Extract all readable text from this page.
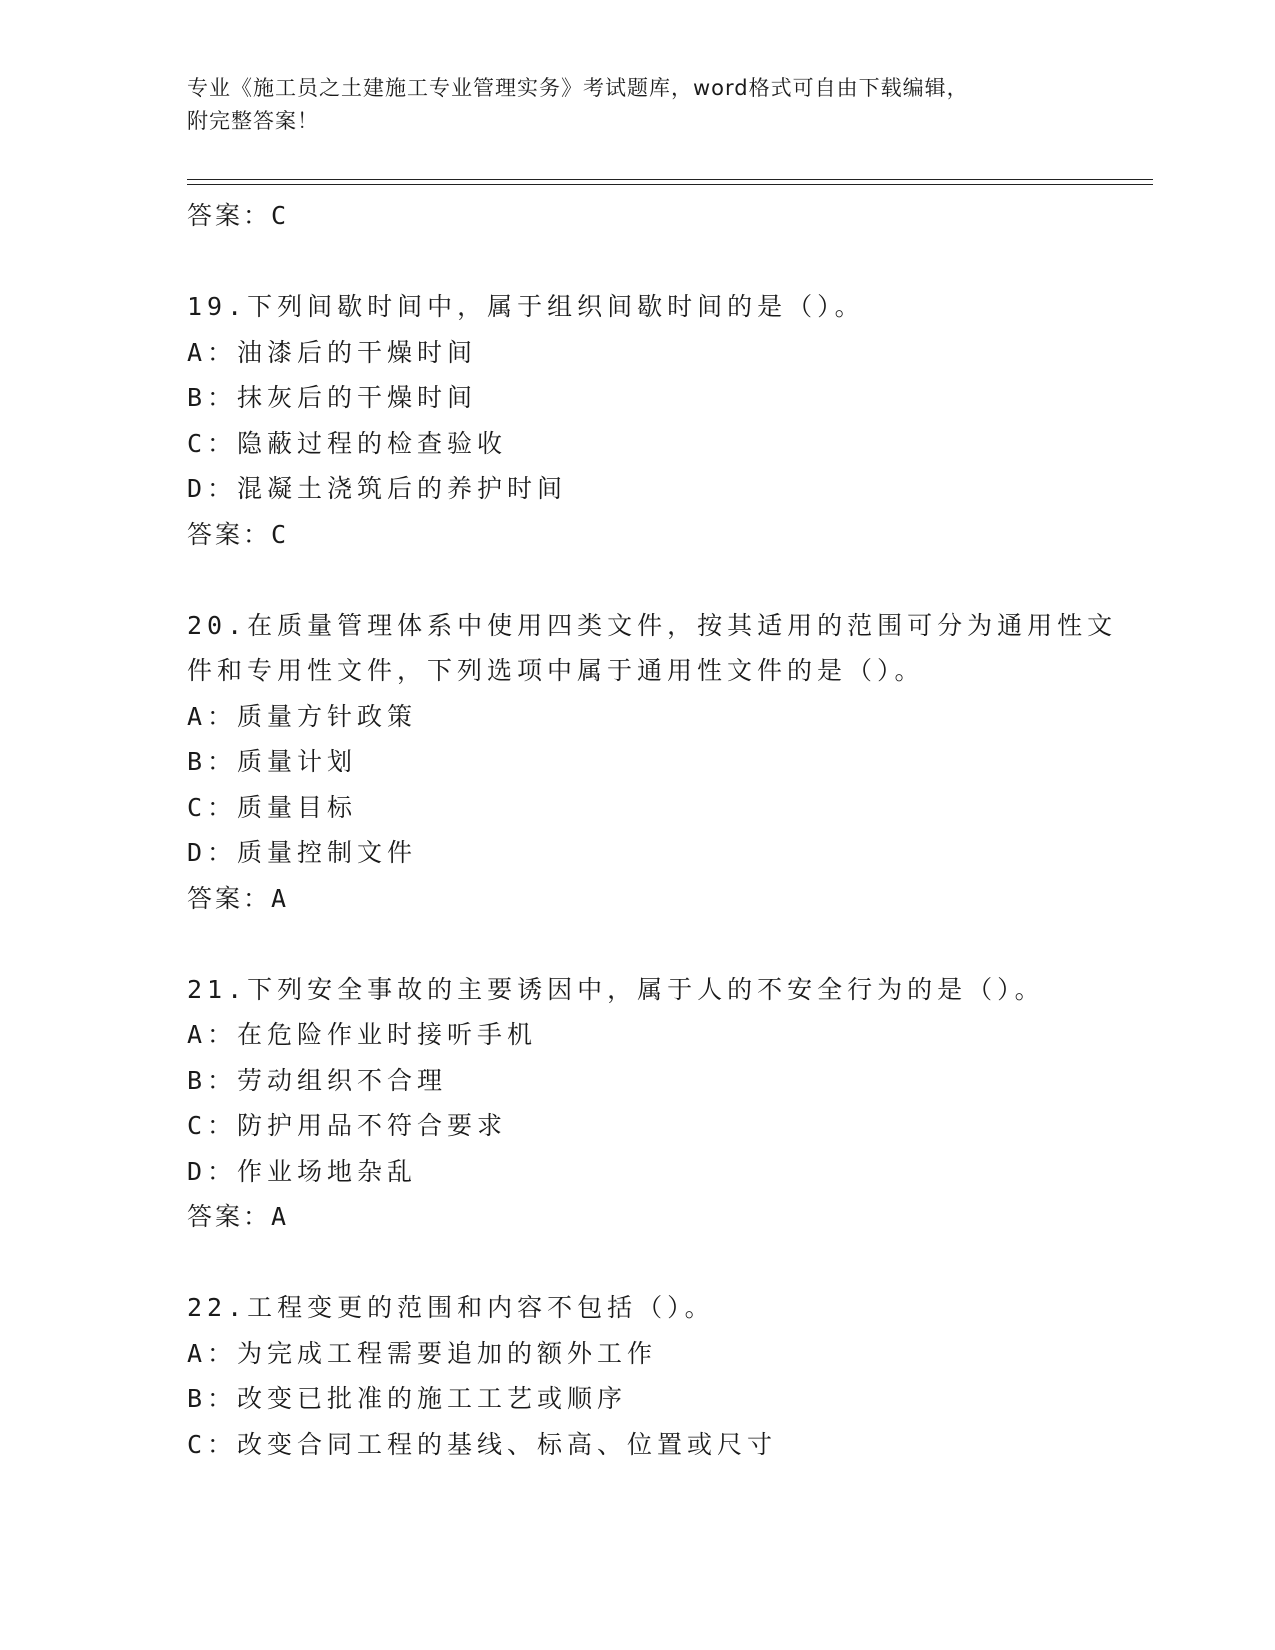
专业《施工员之土建施工专业管理实务》考试题库，word格式可自由下载编辑，
附完整答案！
答案：C
19.下列间歇时间中，属于组织间歇时间的是（）。
A：油漆后的干燥时间
B：抹灰后的干燥时间
C：隐蔽过程的检查验收
D：混凝土浇筑后的养护时间
答案：C
20.在质量管理体系中使用四类文件，按其适用的范围可分为通用性文
件和专用性文件，下列选项中属于通用性文件的是（）。
A：质量方针政策
B：质量计划
C：质量目标
D：质量控制文件
答案：A
21.下列安全事故的主要诱因中，属于人的不安全行为的是（）。
A：在危险作业时接听手机
B：劳动组织不合理
C：防护用品不符合要求
D：作业场地杂乱
答案：A
22.工程变更的范围和内容不包括（）。
A：为完成工程需要追加的额外工作
B：改变已批准的施工工艺或顺序
C：改变合同工程的基线、标高、位置或尺寸
